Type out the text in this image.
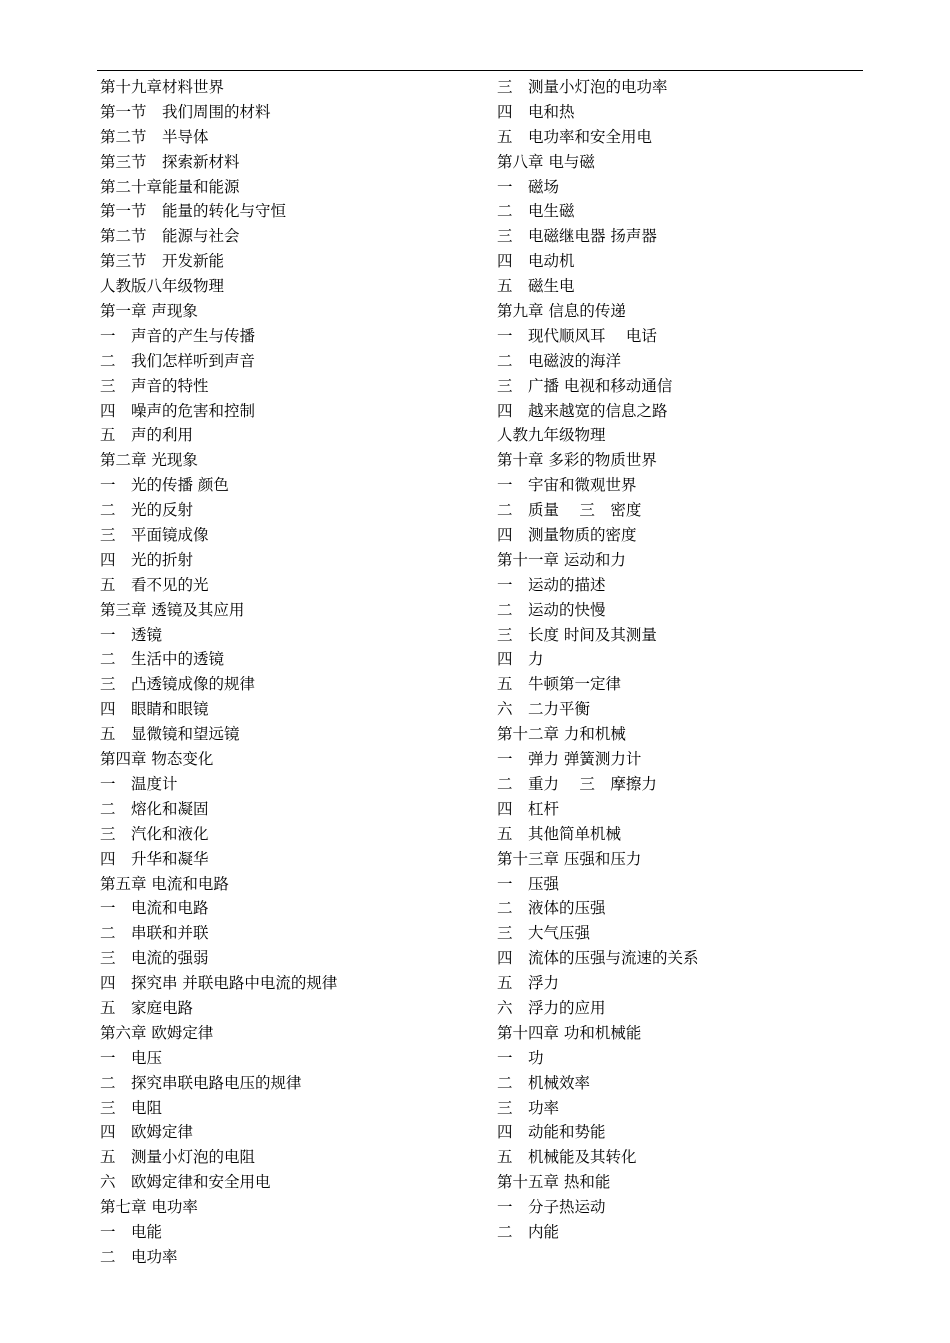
第十九章材料世界
第一节　我们周围的材料
第二节　半导体
第三节　探索新材料
第二十章能量和能源
第一节　能量的转化与守恒
第二节　能源与社会
第三节　开发新能
人教版八年级物理
第一章 声现象
一　声音的产生与传播
二　我们怎样听到声音
三　声音的特性
四　噪声的危害和控制
五　声的利用
第二章 光现象
一　光的传播 颜色
二　光的反射
三　平面镜成像
四　光的折射
五　看不见的光
第三章 透镜及其应用
一　透镜
二　生活中的透镜
三　凸透镜成像的规律
四　眼睛和眼镜
五　显微镜和望远镜
第四章 物态变化
一　温度计
二　熔化和凝固
三　汽化和液化
四　升华和凝华
第五章 电流和电路
一　电流和电路
二　串联和并联
三　电流的强弱
四　探究串 并联电路中电流的规律
五　家庭电路
第六章 欧姆定律
一　电压
二　探究串联电路电压的规律
三　电阻
四　欧姆定律
五　测量小灯泡的电阻
六　欧姆定律和安全用电
第七章 电功率
一　电能
二　电功率
三　测量小灯泡的电功率
四　电和热
五　电功率和安全用电
第八章 电与磁
一　磁场
二　电生磁
三　电磁继电器 扬声器
四　电动机
五　磁生电
第九章 信息的传递
一　现代顺风耳　 电话
二　电磁波的海洋
三　广播 电视和移动通信
四　越来越宽的信息之路
人教九年级物理
第十章 多彩的物质世界
一　宇宙和微观世界
二　质量　 三　密度
四　测量物质的密度
第十一章 运动和力
一　运动的描述
二　运动的快慢
三　长度 时间及其测量
四　力
五　牛顿第一定律
六　二力平衡
第十二章 力和机械
一　弹力 弹簧测力计
二　重力　 三　摩擦力
四　杠杆
五　其他简单机械
第十三章 压强和压力
一　压强
二　液体的压强
三　大气压强
四　流体的压强与流速的关系
五　浮力
六　浮力的应用
第十四章 功和机械能
一　功
二　机械效率
三　功率
四　动能和势能
五　机械能及其转化
第十五章 热和能
一　分子热运动
二　内能
